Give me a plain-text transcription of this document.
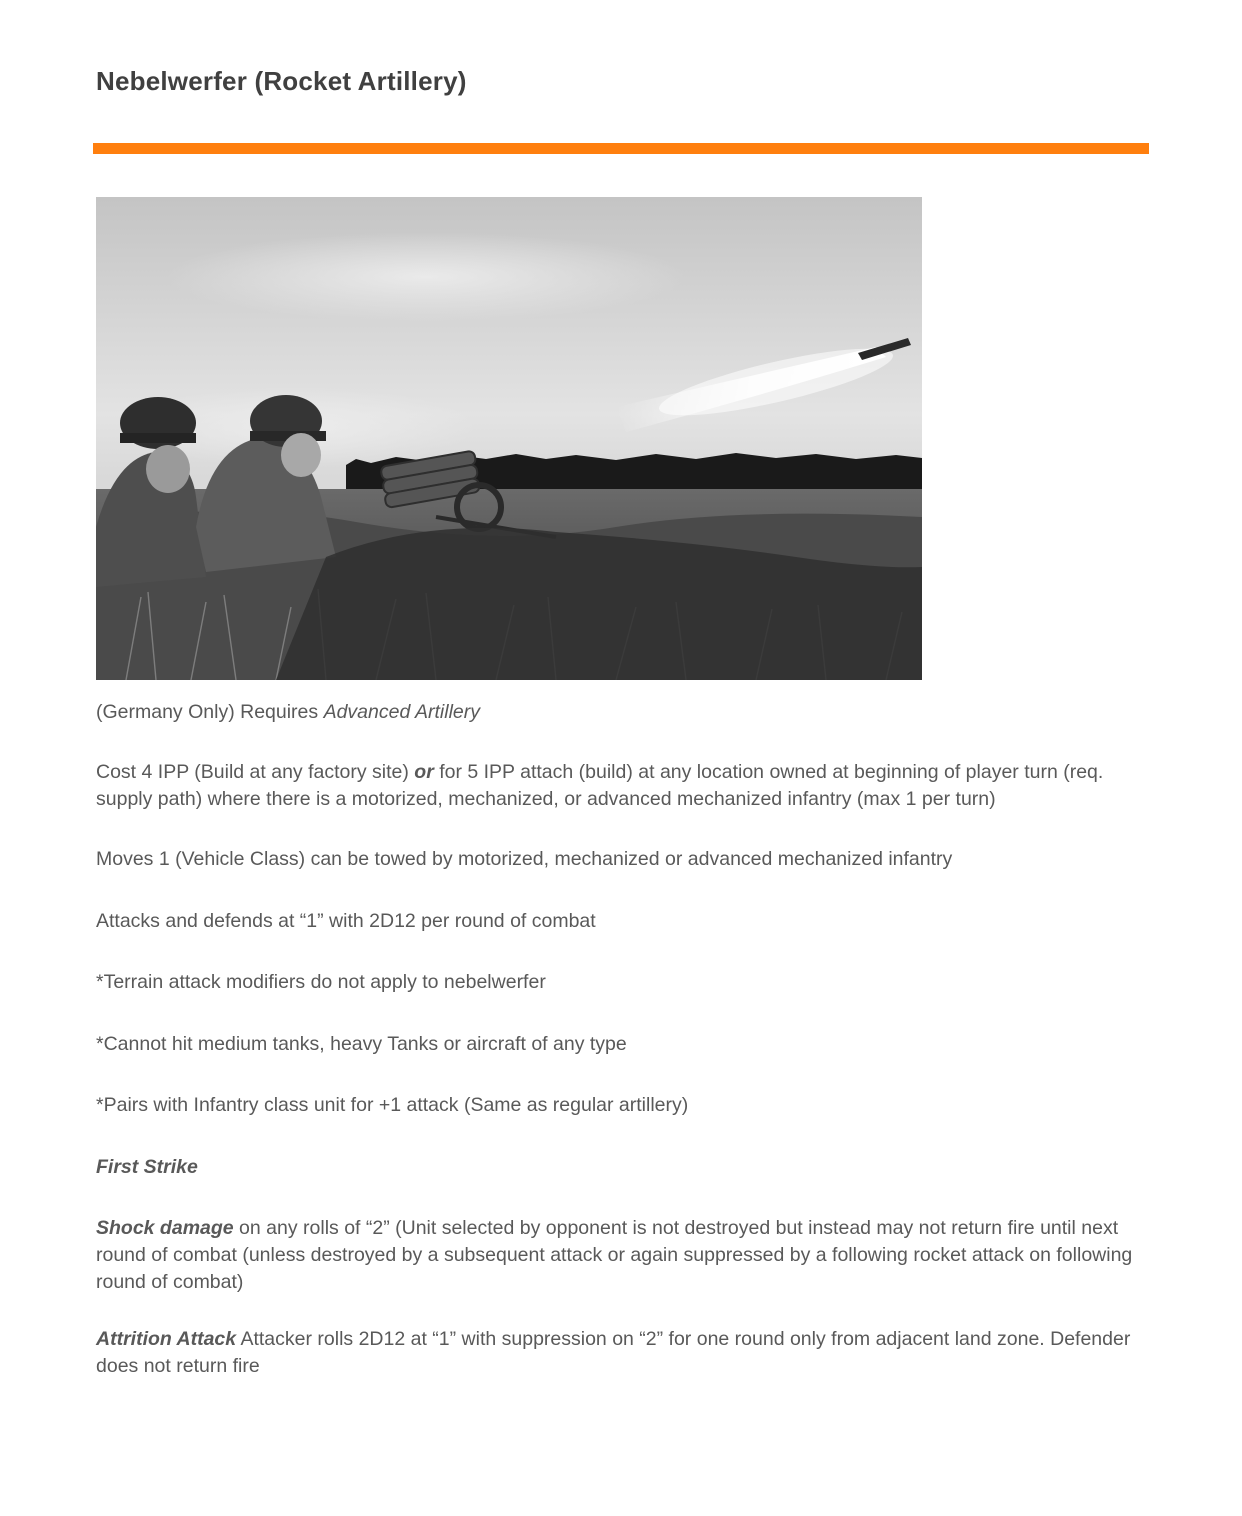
Nebelwerfer (Rocket Artillery)

(Germany Only) Requires Advanced Artillery

Cost 4 IPP (Build at any factory site) or for 5 IPP attach (build) at any location owned at beginning of player turn (req. supply path) where there is a motorized, mechanized, or advanced mechanized infantry (max 1 per turn)

Moves 1 (Vehicle Class) can be towed by motorized, mechanized or advanced mechanized infantry

Attacks and defends at “1” with 2D12 per round of combat

*Terrain attack modifiers do not apply to nebelwerfer

*Cannot hit medium tanks, heavy Tanks or aircraft of any type

*Pairs with Infantry class unit for +1 attack (Same as regular artillery)

First Strike

Shock damage on any rolls of “2” (Unit selected by opponent is not destroyed but instead may not return fire until next round of combat (unless destroyed by a subsequent attack or again suppressed by a following rocket attack on following round of combat)

Attrition Attack Attacker rolls 2D12 at “1” with suppression on “2” for one round only from adjacent land zone. Defender does not return fire
